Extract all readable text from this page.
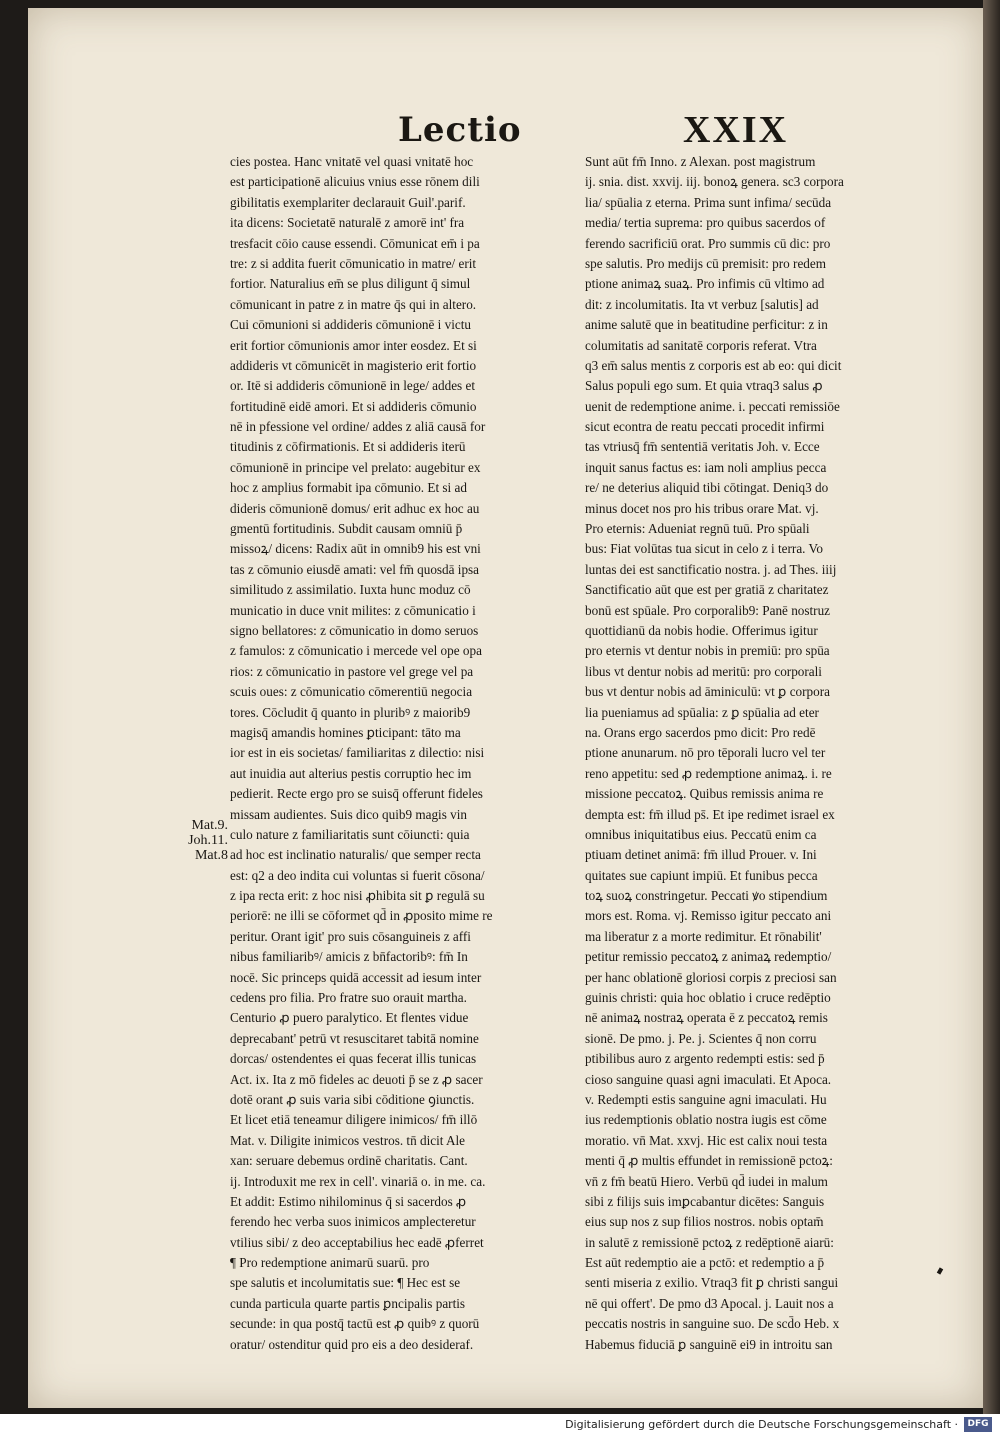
Lectio	XXIX
Mat.9.
Joh.11.
Mat.8
cies postea. Hanc vnitatē vel quasi vnitatē hoc
est participationē alicuius vnius esse rōnem dili
gibilitatis exemplariter declarauit Guil'.parif.
ita dicens: Societatē naturalē z amorē int' fra
tresfacit cōio cause essendi. Cōmunicat em̄ i pa
tre: z si addita fuerit cōmunicatio in matre/ erit
fortior. Naturalius em̄ se plus diligunt q̄ simul
cōmunicant in patre z in matre q̄s qui in altero.
Cui cōmunioni si addideris cōmunionē i victu
erit fortior cōmunionis amor inter eosdez. Et si
addideris vt cōmunicēt in magisterio erit fortio
or. Itē si addideris cōmunionē in lege/ addes et
fortitudinē eidē amori. Et si addideris cōmunio
nē in pfessione vel ordine/ addes z aliā causā for
titudinis z cōfirmationis. Et si addideris iterū
cōmunionē in principe vel prelato: augebitur ex
hoc z amplius formabit ipa cōmunio. Et si ad
dideris cōmunionē domus/ erit adhuc ex hoc au
gmentū fortitudinis. Subdit causam omniū p̄
missoꝝ/ dicens: Radix aūt in omnib9 his est vni
tas z cōmunio eiusdē amati: vel fm̄ quosdā ipsa
similitudo z assimilatio. Iuxta hunc moduz cō
municatio in duce vnit milites: z cōmunicatio i
signo bellatores: z cōmunicatio in domo seruos
z famulos: z cōmunicatio i mercede vel ope opa
rios: z cōmunicatio in pastore vel grege vel pa
scuis oues: z cōmunicatio cōmerentiū negocia
tores. Cōcludit q̄ quanto in pluribꝰ z maiorib9
magisq̄ amandis homines ꝑticipant: tāto ma
ior est in eis societas/ familiaritas z dilectio: nisi
aut inuidia aut alterius pestis corruptio hec im
pedierit. Recte ergo pro se suisq̄ offerunt fideles
missam audientes. Suis dico quib9 magis vin
culo nature z familiaritatis sunt cōiuncti: quia
ad hoc est inclinatio naturalis/ que semper recta
est: q2 a deo indita cui voluntas si fuerit cōsona/
z ipa recta erit: z hoc nisi ꝓhibita sit ꝑ regulā su
periorē: ne illi se cōformet qd̄ in ꝓposito mime re
peritur. Orant igit' pro suis cōsanguineis z affi
nibus familiaribꝰ/ amicis z bn̄factoribꝰ: fm̄ In
nocē. Sic princeps quidā accessit ad iesum inter
cedens pro filia. Pro fratre suo orauit martha.
Centurio ꝓ puero paralytico. Et flentes vidue
deprecabant' petrū vt resuscitaret tabitā nomine
dorcas/ ostendentes ei quas fecerat illis tunicas
Act. ix. Ita z mō fideles ac deuoti p̄ se z ꝓ sacer
dotē orant ꝓ suis varia sibi cōditione ꝯiunctis.
Et licet etiā teneamur diligere inimicos/ fm̄ illō
Mat. v. Diligite inimicos vestros. tn̄ dicit Ale
xan: seruare debemus ordinē charitatis. Cant.
ij. Introduxit me rex in cell'. vinariā o. in me. ca.
Et addit: Estimo nihilominus q̄ si sacerdos ꝓ
ferendo hec verba suos inimicos amplecteretur
vtilius sibi/ z deo acceptabilius hec eadē ꝓferret
¶ Pro redemptione animarū suarū. pro
spe salutis et incolumitatis sue: ¶ Hec est se
cunda particula quarte partis ꝑncipalis partis
secunde: in qua postq̄ tactū est ꝓ quibꝰ z quorū
oratur/ ostenditur quid pro eis a deo desideraf.
Sunt aūt fm̄ Inno. z Alexan. post magistrum
ij. snia. dist. xxvij. iij. bonoꝝ genera. sc3 corpora
lia/ spūalia z eterna. Prima sunt infima/ secūda
media/ tertia suprema: pro quibus sacerdos of
ferendo sacrificiū orat. Pro summis cū dic: pro
spe salutis. Pro medijs cū premisit: pro redem
ptione animaꝝ suaꝝ. Pro infimis cū vltimo ad
dit: z incolumitatis. Ita vt verbuz [salutis] ad
anime salutē que in beatitudine perficitur: z in
columitatis ad sanitatē corporis referat. Vtra
q3 em̄ salus mentis z corporis est ab eo: qui dicit
Salus populi ego sum. Et quia vtraq3 salus ꝓ
uenit de redemptione anime. i. peccati remissiōe
sicut econtra de reatu peccati procedit infirmi
tas vtriusq̄ fm̄ sententiā veritatis Joh. v. Ecce
inquit sanus factus es: iam noli amplius pecca
re/ ne deterius aliquid tibi cōtingat. Deniq3 do
minus docet nos pro his tribus orare Mat. vj.
Pro eternis: Adueniat regnū tuū. Pro spūali
bus: Fiat volūtas tua sicut in celo z i terra. Vo
luntas dei est sanctificatio nostra. j. ad Thes. iiij
Sanctificatio aūt que est per gratiā z charitatez
bonū est spūale. Pro corporalib9: Panē nostruz
quottidianū da nobis hodie. Offerimus igitur
pro eternis vt dentur nobis in premiū: pro spūa
libus vt dentur nobis ad meritū: pro corporali
bus vt dentur nobis ad āminiculū: vt ꝑ corpora
lia pueniamus ad spūalia: z ꝑ spūalia ad eter
na. Orans ergo sacerdos pmo dicit: Pro redē
ptione anunarum. nō pro tēporali lucro vel ter
reno appetitu: sed ꝓ redemptione animaꝝ. i. re
missione peccatoꝝ. Quibus remissis anima re
dempta est: fm̄ illud ps̄. Et ipe redimet israel ex
omnibus iniquitatibus eius. Peccatū enim ca
ptiuam detinet animā: fm̄ illud Prouer. v. Ini
quitates sue capiunt impiū. Et funibus pecca
toꝝ suoꝝ constringetur. Peccati ꝟo stipendium
mors est. Roma. vj. Remisso igitur peccato ani
ma liberatur z a morte redimitur. Et rōnabilit'
petitur remissio peccatoꝝ z animaꝝ redemptio/
per hanc oblationē gloriosi corpis z preciosi san
guinis christi: quia hoc oblatio i cruce redēptio
nē animaꝝ nostraꝝ operata ē z peccatoꝝ remis
sionē. De pmo. j. Pe. j. Scientes q̄ non corru
ptibilibus auro z argento redempti estis: sed p̄
cioso sanguine quasi agni imaculati. Et Apoca.
v. Redempti estis sanguine agni imaculati. Hu
ius redemptionis oblatio nostra iugis est cōme
moratio. vn̄ Mat. xxvj. Hic est calix noui testa
menti q̄ ꝓ multis effundet in remissionē pctoꝝ:
vn̄ z fm̄ beatū Hiero. Verbū qd̄ iudei in malum
sibi z filijs suis imꝑcabantur dicētes: Sanguis
eius sup nos z sup filios nostros. nobis optam̄
in salutē z remissionē pctoꝝ z redēptionē aiarū:
Est aūt redemptio aie a pctō: et redemptio a p̄
senti miseria z exilio. Vtraq3 fit ꝑ christi sangui
nē qui offert'. De pmo d3 Apocal. j. Lauit nos a
peccatis nostris in sanguine suo. De scd̄o Heb. x
Habemus fiduciā ꝑ sanguinē ei9 in introitu san
Digitalisierung gefördert durch die Deutsche Forschungsgemeinschaft ·	DFG
